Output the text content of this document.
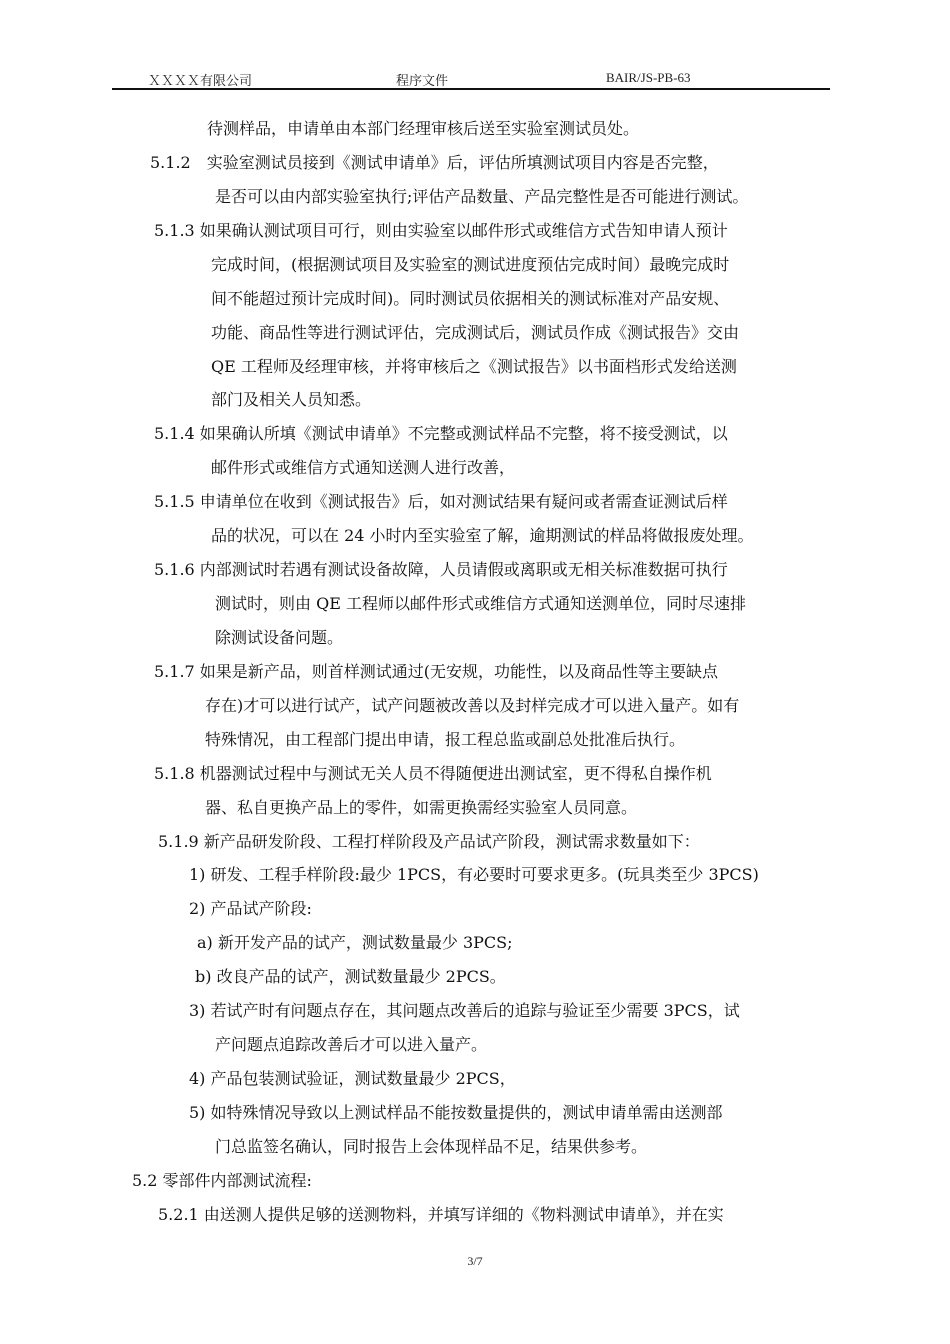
ＸＸＸＸ有限公司	程序文件	BAIR/JS-PB-63
待测样品，申请单由本部门经理审核后送至实验室测试员处。
5.1.2　实验室测试员接到《测试申请单》后，评估所填测试项目内容是否完整，
是否可以由内部实验室执行;评估产品数量、产品完整性是否可能进行测试。
5.1.3 如果确认测试项目可行，则由实验室以邮件形式或维信方式告知申请人预计
完成时间，(根据测试项目及实验室的测试进度预估完成时间）最晚完成时
间不能超过预计完成时间)。同时测试员依据相关的测试标准对产品安规、
功能、商品性等进行测试评估，完成测试后，测试员作成《测试报告》交由
QE 工程师及经理审核，并将审核后之《测试报告》以书面档形式发给送测
部门及相关人员知悉。
5.1.4 如果确认所填《测试申请单》不完整或测试样品不完整，将不接受测试，以
邮件形式或维信方式通知送测人进行改善，
5.1.5 申请单位在收到《测试报告》后，如对测试结果有疑问或者需查证测试后样
品的状况，可以在 24 小时内至实验室了解，逾期测试的样品将做报废处理。
5.1.6 内部测试时若遇有测试设备故障，人员请假或离职或无相关标准数据可执行
测试时，则由 QE 工程师以邮件形式或维信方式通知送测单位，同时尽速排
除测试设备问题。
5.1.7 如果是新产品，则首样测试通过(无安规，功能性，以及商品性等主要缺点
存在)才可以进行试产，试产问题被改善以及封样完成才可以进入量产。如有
特殊情况，由工程部门提出申请，报工程总监或副总处批准后执行。
5.1.8 机器测试过程中与测试无关人员不得随便进出测试室，更不得私自操作机
器、私自更换产品上的零件，如需更换需经实验室人员同意。
5.1.9 新产品研发阶段、工程打样阶段及产品试产阶段，测试需求数量如下：
1) 研发、工程手样阶段:最少 1PCS，有必要时可要求更多。(玩具类至少 3PCS)
2) 产品试产阶段:
a) 新开发产品的试产，测试数量最少 3PCS;
b) 改良产品的试产，测试数量最少 2PCS。
3) 若试产时有问题点存在，其问题点改善后的追踪与验证至少需要 3PCS，试
产问题点追踪改善后才可以进入量产。
4) 产品包装测试验证，测试数量最少 2PCS，
5) 如特殊情况导致以上测试样品不能按数量提供的，测试申请单需由送测部
门总监签名确认，同时报告上会体现样品不足，结果供参考。
5.2 零部件内部测试流程:
5.2.1 由送测人提供足够的送测物料，并填写详细的《物料测试申请单》，并在实
3/7
